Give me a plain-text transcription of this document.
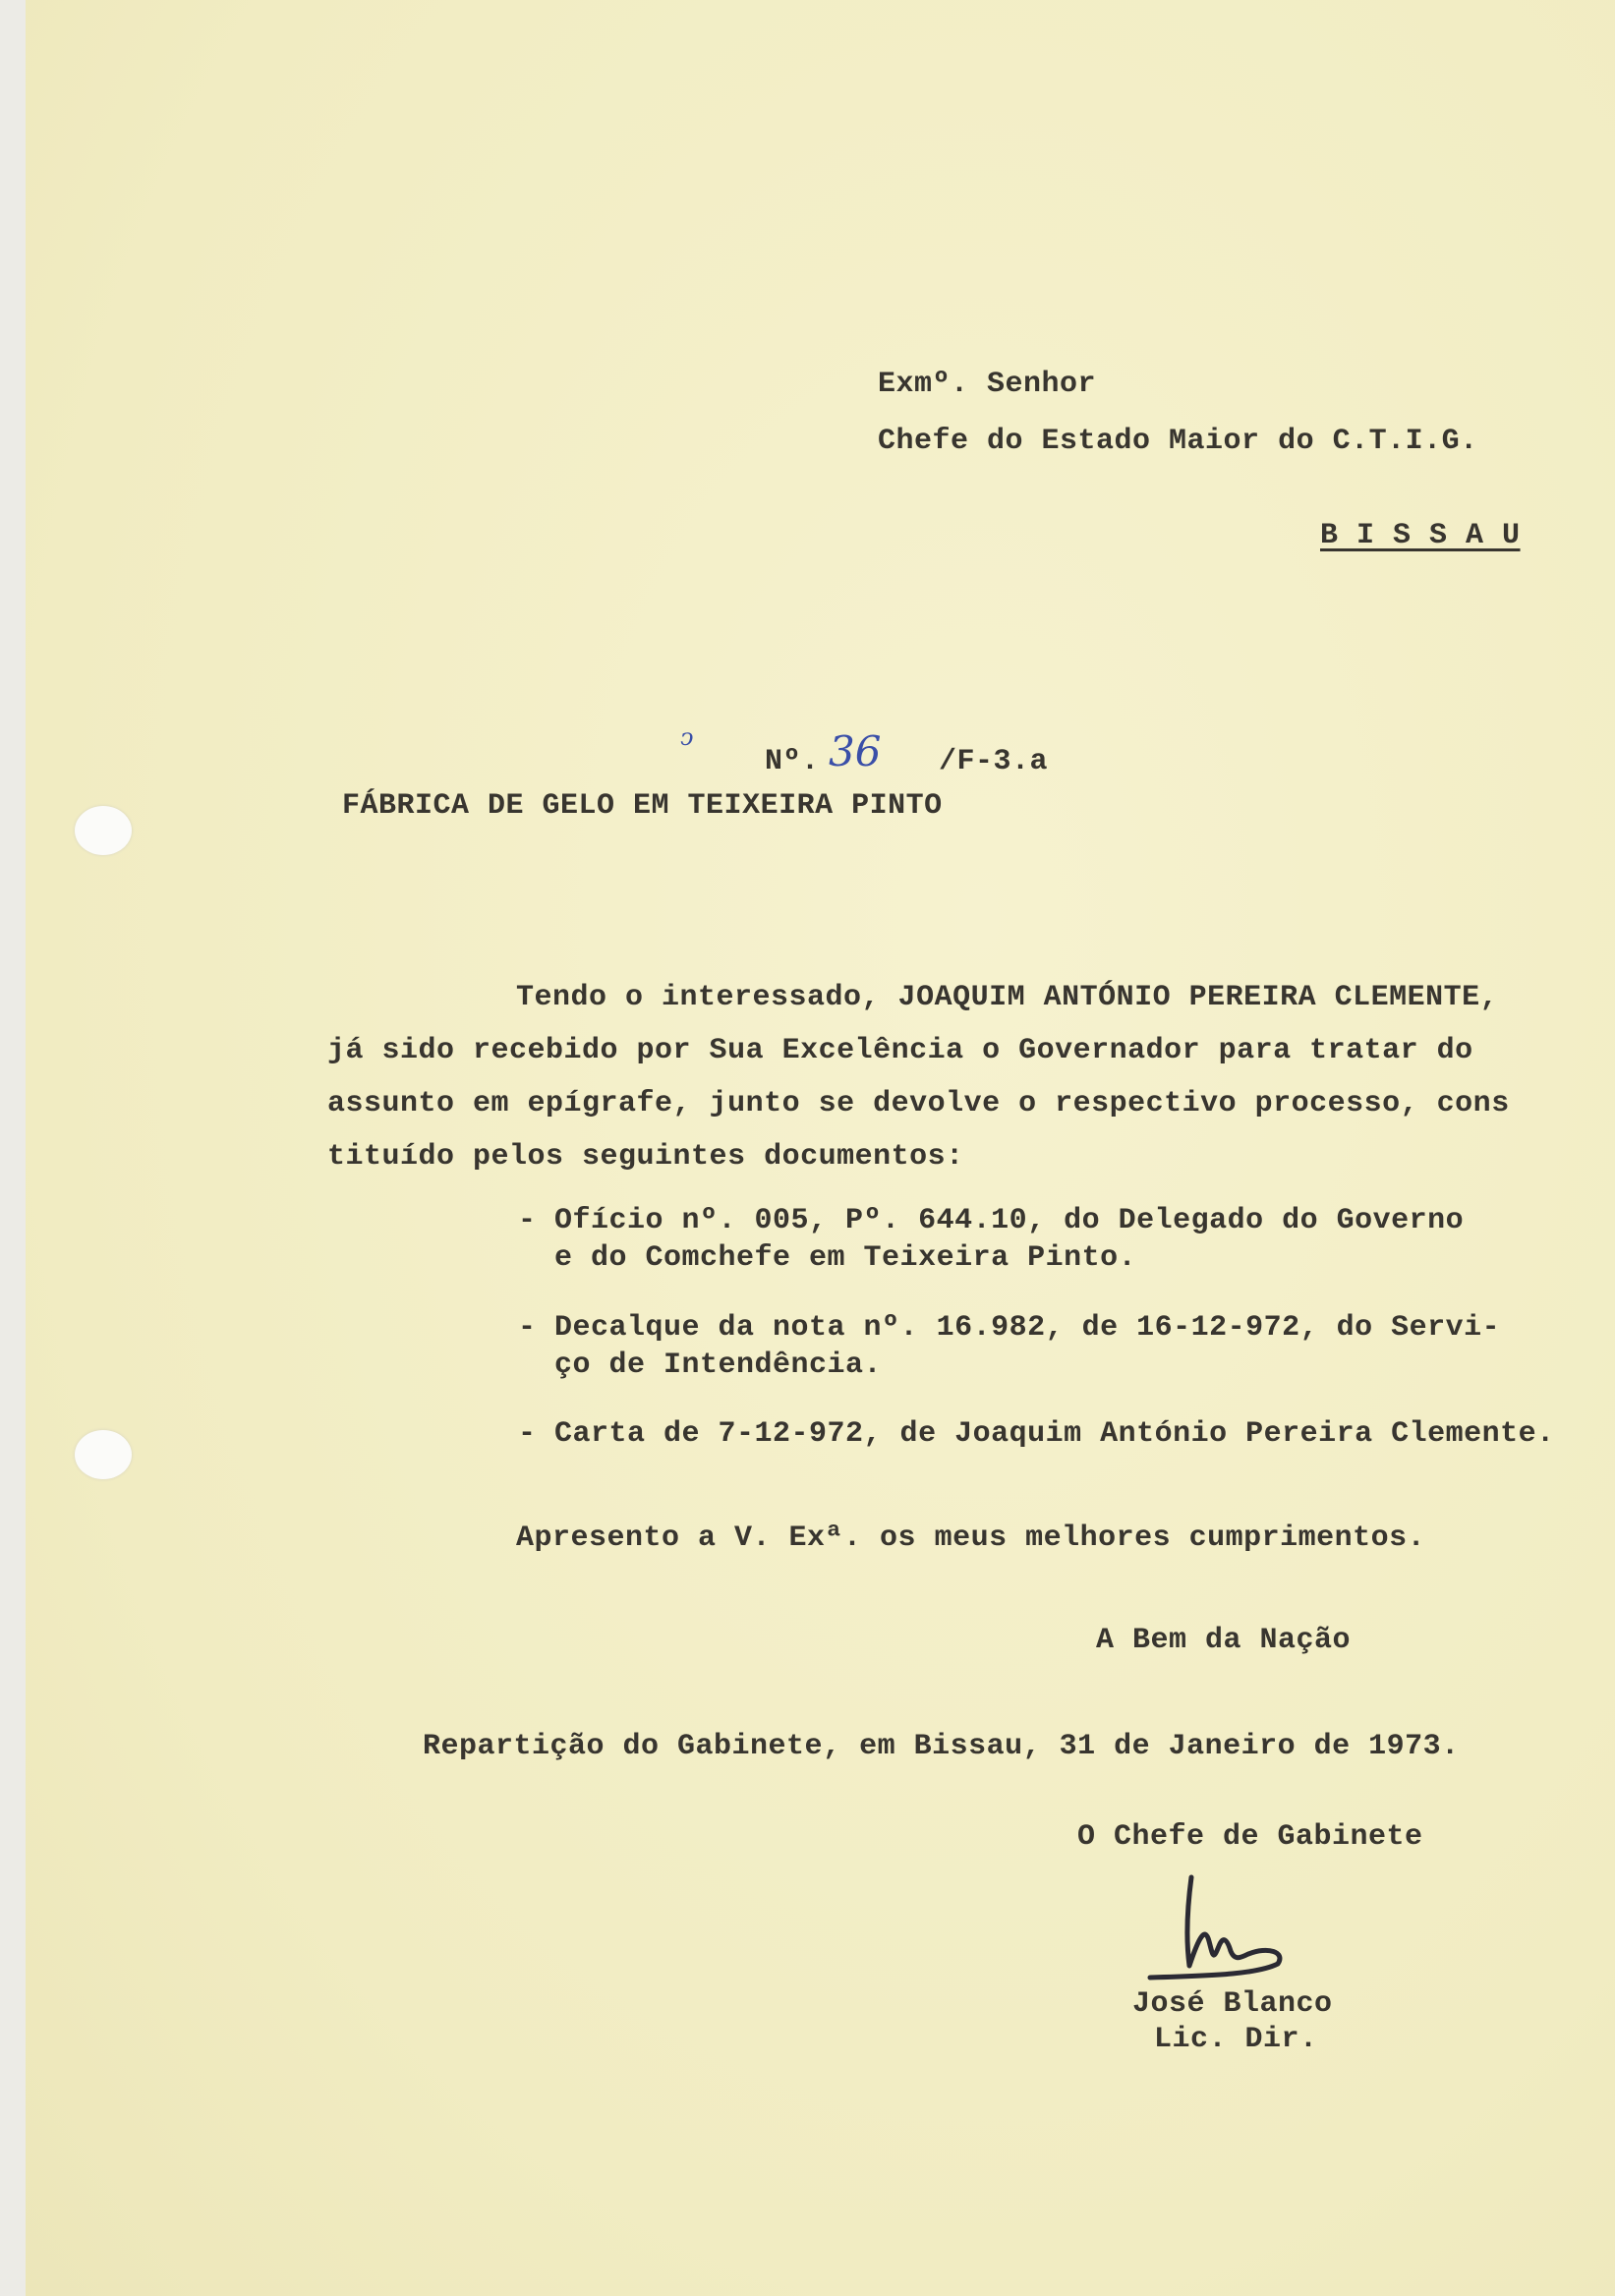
Exmº. Senhor
Chefe do Estado Maior do C.T.I.G.
B I S S A U
ↄ
Nº. 36 /F-3.a
FÁBRICA DE GELO EM TEIXEIRA PINTO
Tendo o interessado, JOAQUIM ANTÓNIO PEREIRA CLEMENTE,
já sido recebido por Sua Excelência o Governador para tratar do
assunto em epígrafe, junto se devolve o respectivo processo, cons
tituído pelos seguintes documentos:
- Ofício nº. 005, Pº. 644.10, do Delegado do Governo
e do Comchefe em Teixeira Pinto.
- Decalque da nota nº. 16.982, de 16-12-972, do Servi-
ço de Intendência.
- Carta de 7-12-972, de Joaquim António Pereira Clemente.
Apresento a V. Exª. os meus melhores cumprimentos.
A Bem da Nação
Repartição do Gabinete, em Bissau, 31 de Janeiro de 1973.
O Chefe de Gabinete
José Blanco
Lic. Dir.
